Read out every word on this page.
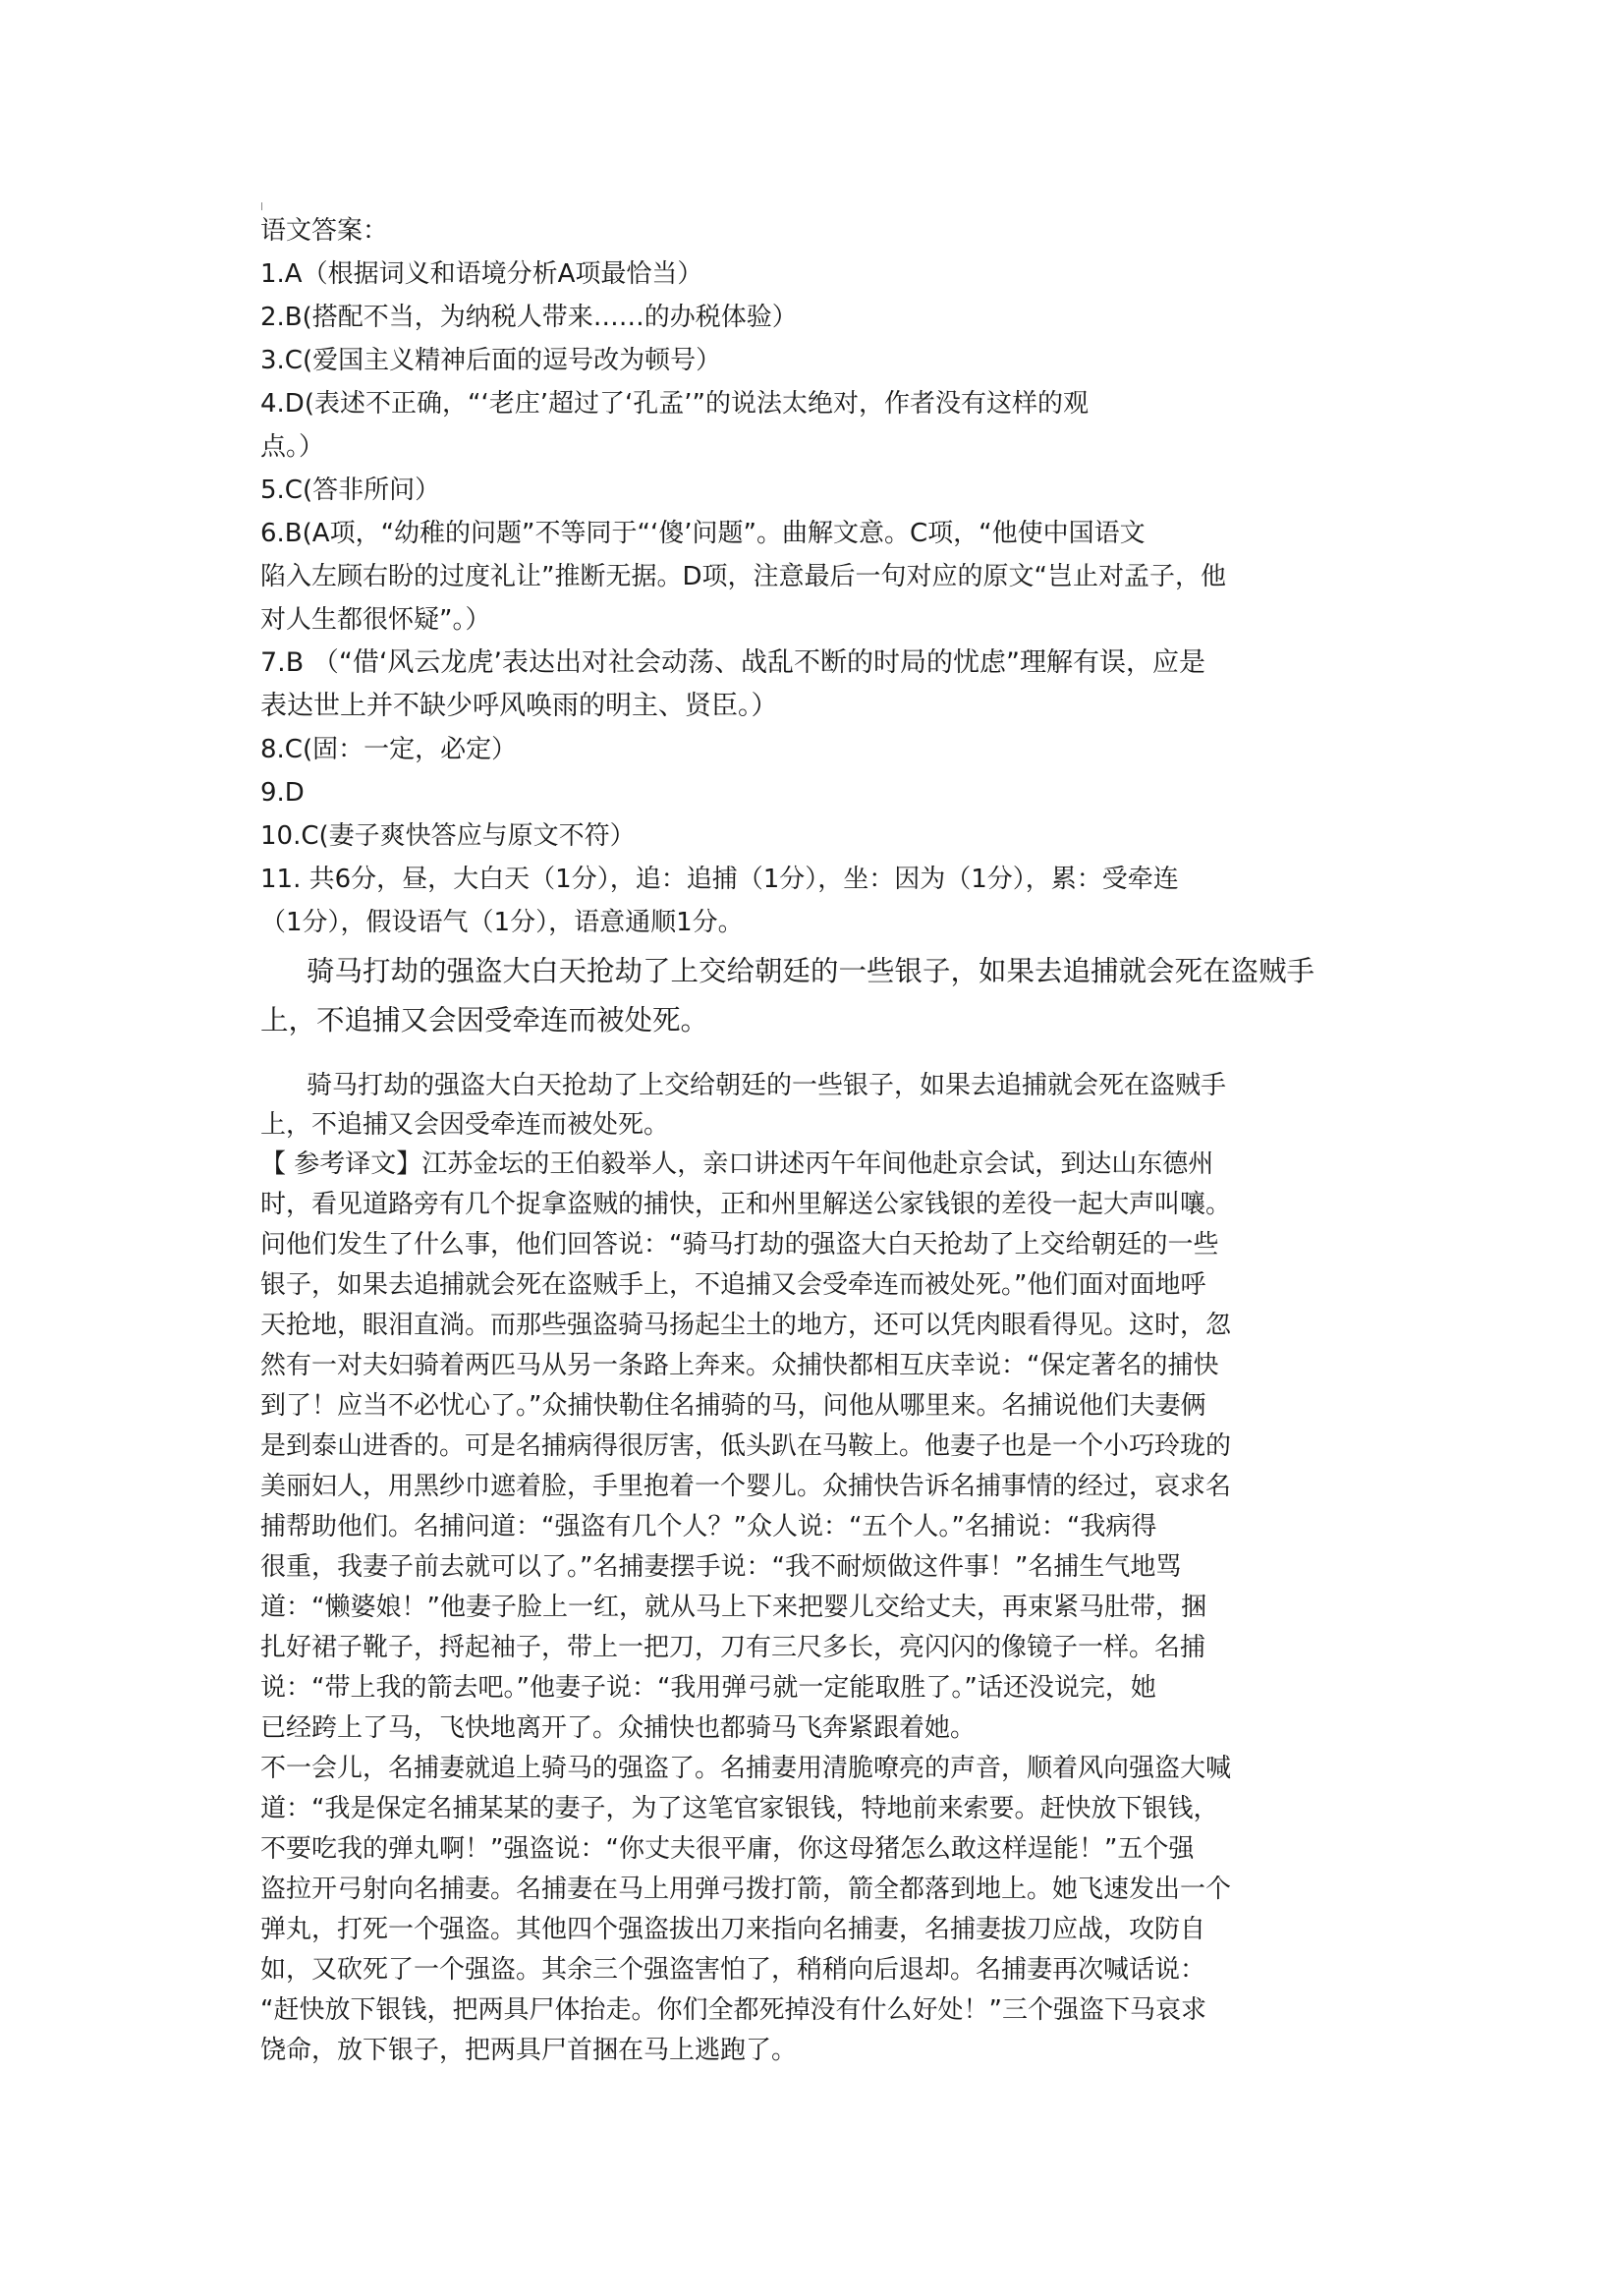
语文答案：
1.A（根据词义和语境分析A项最恰当）
2.B(搭配不当，为纳税人带来……的办税体验）
3.C(爱国主义精神后面的逗号改为顿号）
4.D(表述不正确，“‘老庄’超过了‘孔孟’”的说法太绝对，作者没有这样的观
点。）
5.C(答非所问）
6.B(A项，“幼稚的问题”不等同于“‘傻’问题”。曲解文意。C项，“他使中国语文
陷入左顾右盼的过度礼让”推断无据。D项，注意最后一句对应的原文“岂止对孟子，他
对人生都很怀疑”。）
7.B （“借‘风云龙虎’表达出对社会动荡、战乱不断的时局的忧虑”理解有误，应是
表达世上并不缺少呼风唤雨的明主、贤臣。）
8.C(固：一定，必定）
9.D
10.C(妻子爽快答应与原文不符）
11. 共6分，昼，大白天（1分），追：追捕（1分），坐：因为（1分），累：受牵连
（1分），假设语气（1分），语意通顺1分。
骑马打劫的强盗大白天抢劫了上交给朝廷的一些银子，如果去追捕就会死在盗贼手
上，不追捕又会因受牵连而被处死。
骑马打劫的强盗大白天抢劫了上交给朝廷的一些银子，如果去追捕就会死在盗贼手
上，不追捕又会因受牵连而被处死。
【 参考译文】江苏金坛的王伯毅举人，亲口讲述丙午年间他赴京会试，到达山东德州
时，看见道路旁有几个捉拿盗贼的捕快，正和州里解送公家钱银的差役一起大声叫嚷。
问他们发生了什么事，他们回答说：“骑马打劫的强盗大白天抢劫了上交给朝廷的一些
银子，如果去追捕就会死在盗贼手上，不追捕又会受牵连而被处死。”他们面对面地呼
天抢地，眼泪直淌。而那些强盗骑马扬起尘土的地方，还可以凭肉眼看得见。这时，忽
然有一对夫妇骑着两匹马从另一条路上奔来。众捕快都相互庆幸说：“保定著名的捕快
到了！应当不必忧心了。”众捕快勒住名捕骑的马，问他从哪里来。名捕说他们夫妻俩
是到泰山进香的。可是名捕病得很厉害，低头趴在马鞍上。他妻子也是一个小巧玲珑的
美丽妇人，用黑纱巾遮着脸，手里抱着一个婴儿。众捕快告诉名捕事情的经过，哀求名
捕帮助他们。名捕问道：“强盗有几个人？”众人说：“五个人。”名捕说：“我病得
很重，我妻子前去就可以了。”名捕妻摆手说：“我不耐烦做这件事！”名捕生气地骂
道：“懒婆娘！”他妻子脸上一红，就从马上下来把婴儿交给丈夫，再束紧马肚带，捆
扎好裙子靴子，捋起袖子，带上一把刀，刀有三尺多长，亮闪闪的像镜子一样。名捕
说：“带上我的箭去吧。”他妻子说：“我用弹弓就一定能取胜了。”话还没说完，她
已经跨上了马，飞快地离开了。众捕快也都骑马飞奔紧跟着她。
不一会儿，名捕妻就追上骑马的强盗了。名捕妻用清脆嘹亮的声音，顺着风向强盗大喊
道：“我是保定名捕某某的妻子，为了这笔官家银钱，特地前来索要。赶快放下银钱，
不要吃我的弹丸啊！”强盗说：“你丈夫很平庸，你这母猪怎么敢这样逞能！”五个强
盗拉开弓射向名捕妻。名捕妻在马上用弹弓拨打箭，箭全都落到地上。她飞速发出一个
弹丸，打死一个强盗。其他四个强盗拔出刀来指向名捕妻，名捕妻拔刀应战，攻防自
如，又砍死了一个强盗。其余三个强盗害怕了，稍稍向后退却。名捕妻再次喊话说：
“赶快放下银钱，把两具尸体抬走。你们全都死掉没有什么好处！”三个强盗下马哀求
饶命，放下银子，把两具尸首捆在马上逃跑了。
